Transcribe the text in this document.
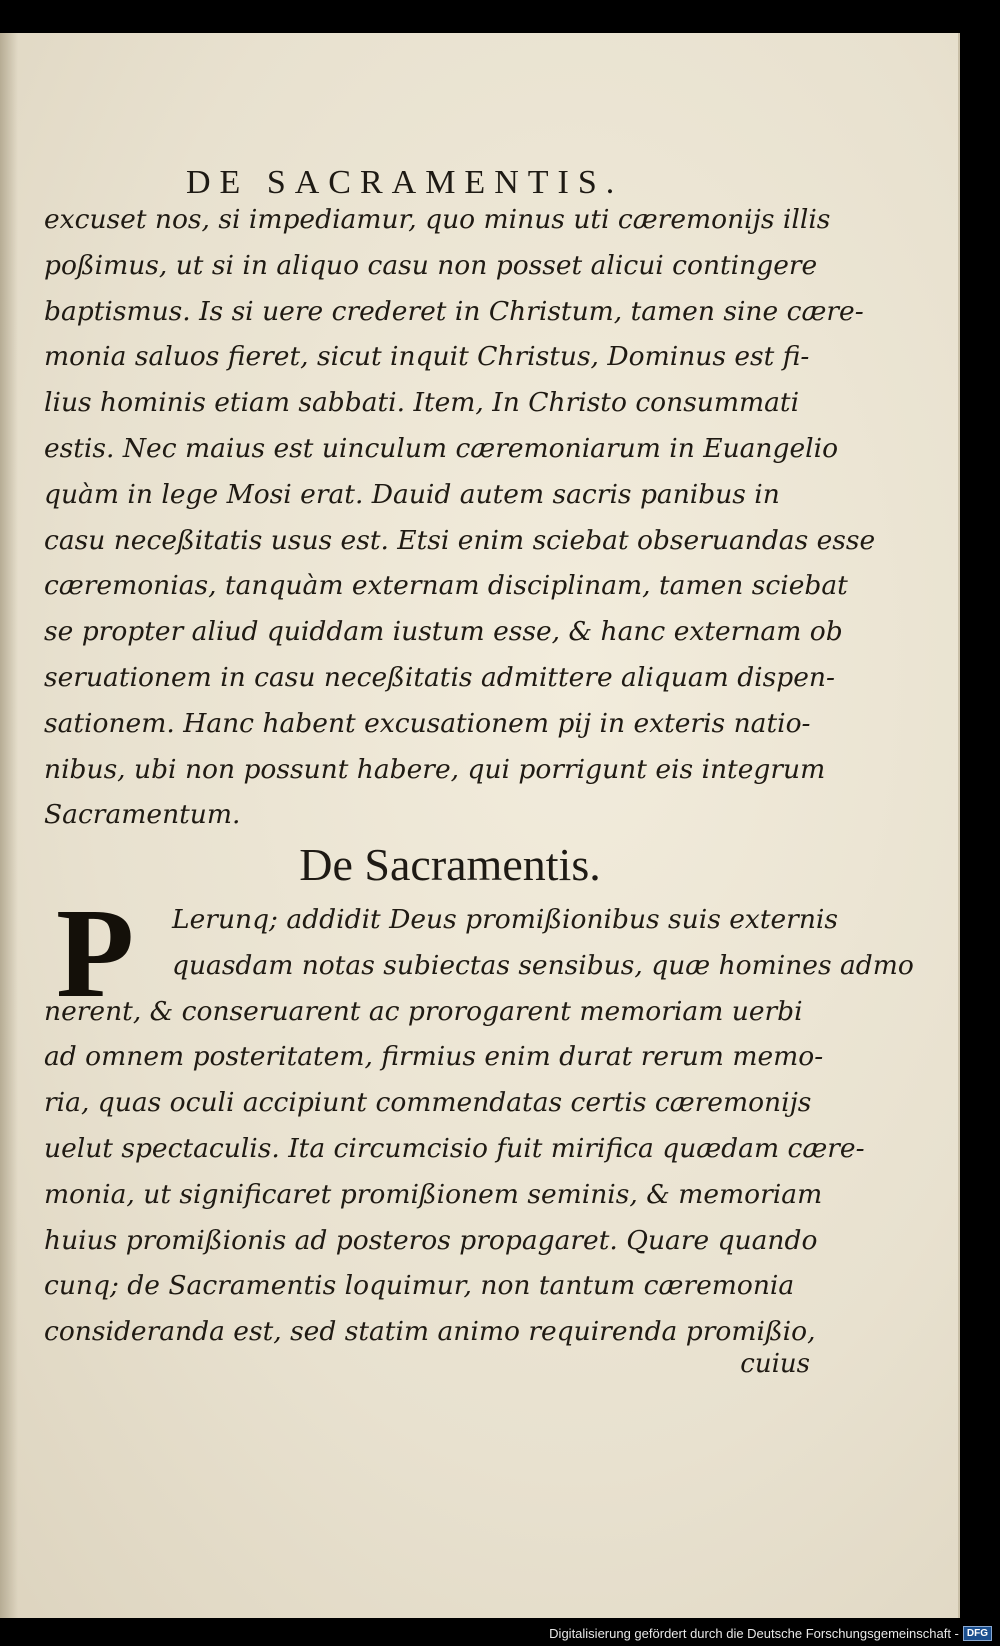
DE SACRAMENTIS.
excuset nos, si impediamur, quo minus uti cæremonijs illis
poßimus, ut si in aliquo casu non posset alicui contingere
baptismus. Is si uere crederet in Christum, tamen sine cære-
monia saluos fieret, sicut inquit Christus, Dominus est fi-
lius hominis etiam sabbati. Item, In Christo consummati
estis. Nec maius est uinculum cæremoniarum in Euangelio
quàm in lege Mosi erat. Dauid autem sacris panibus in
casu neceßitatis usus est. Etsi enim sciebat obseruandas esse
cæremonias, tanquàm externam disciplinam, tamen sciebat
se propter aliud quiddam iustum esse, & hanc externam ob
seruationem in casu neceßitatis admittere aliquam dispen-
sationem. Hanc habent excusationem pij in exteris natio-
nibus, ubi non possunt habere, qui porrigunt eis integrum
Sacramentum.
De Sacramentis.
P	Lerunq; addidit Deus promißionibus suis externis
quasdam notas subiectas sensibus, quæ homines admo
nerent, & conseruarent ac prorogarent memoriam uerbi
ad omnem posteritatem, firmius enim durat rerum memo-
ria, quas oculi accipiunt commendatas certis cæremonijs
uelut spectaculis. Ita circumcisio fuit mirifica quædam cære-
monia, ut significaret promißionem seminis, & memoriam
huius promißionis ad posteros propagaret. Quare quando
cunq; de Sacramentis loquimur, non tantum cæremonia
consideranda est, sed statim animo requirenda promißio,
cuius
Digitalisierung gefördert durch die Deutsche Forschungsgemeinschaft - DFG
